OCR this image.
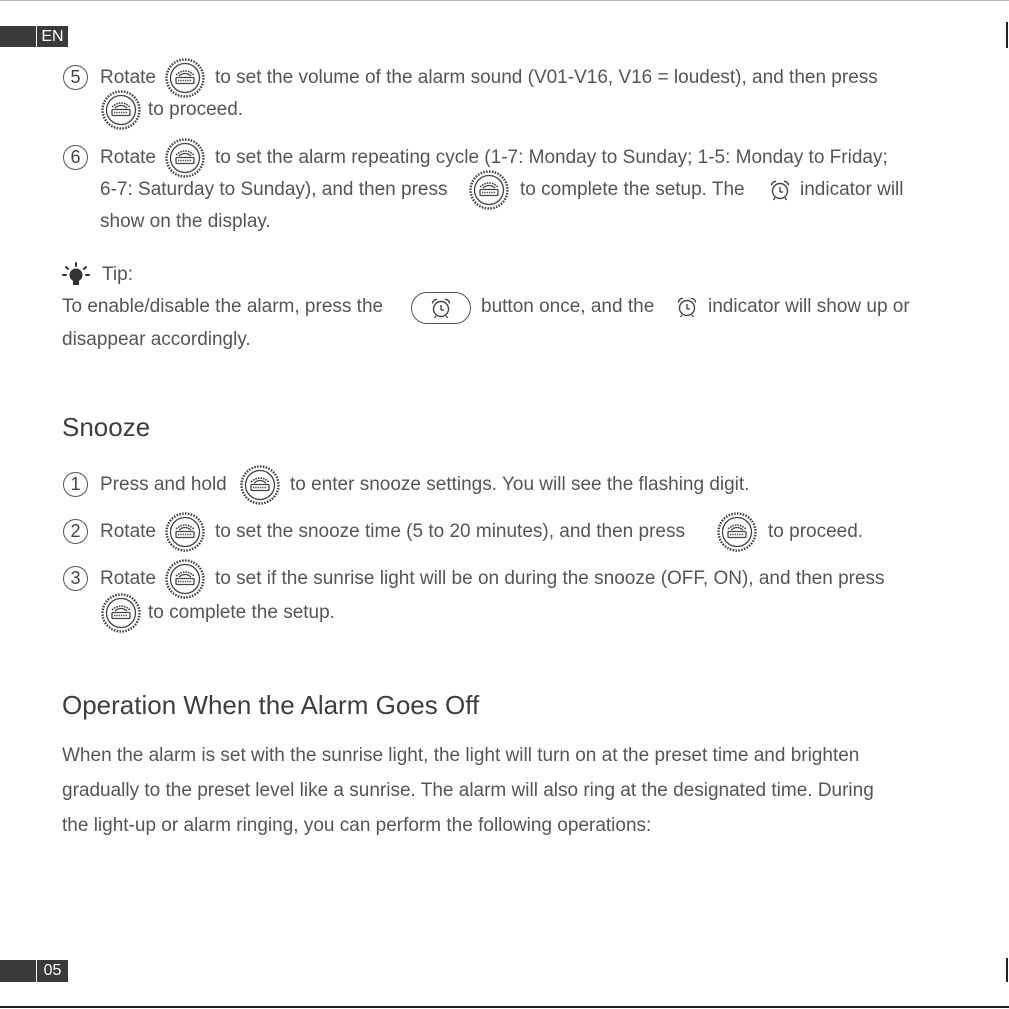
EN
5	Rotate	to set the volume of the alarm sound (V01-V16, V16 = loudest), and then press
to proceed.
6	Rotate	to set the alarm repeating cycle (1-7: Monday to Sunday; 1-5: Monday to Friday;
6-7: Saturday to Sunday), and then press	to complete the setup. The	indicator will
show on the display.
Tip:
To enable/disable the alarm, press the	button once, and the	indicator will show up or
disappear accordingly.
Snooze
1	Press and hold	to enter snooze settings. You will see the flashing digit.
2	Rotate	to set the snooze time (5 to 20 minutes), and then press	to proceed.
3	Rotate	to set if the sunrise light will be on during the snooze (OFF, ON), and then press
to complete the setup.
Operation When the Alarm Goes Off
When the alarm is set with the sunrise light, the light will turn on at the preset time and brighten
gradually to the preset level like a sunrise. The alarm will also ring at the designated time. During
the light-up or alarm ringing, you can perform the following operations:
05
